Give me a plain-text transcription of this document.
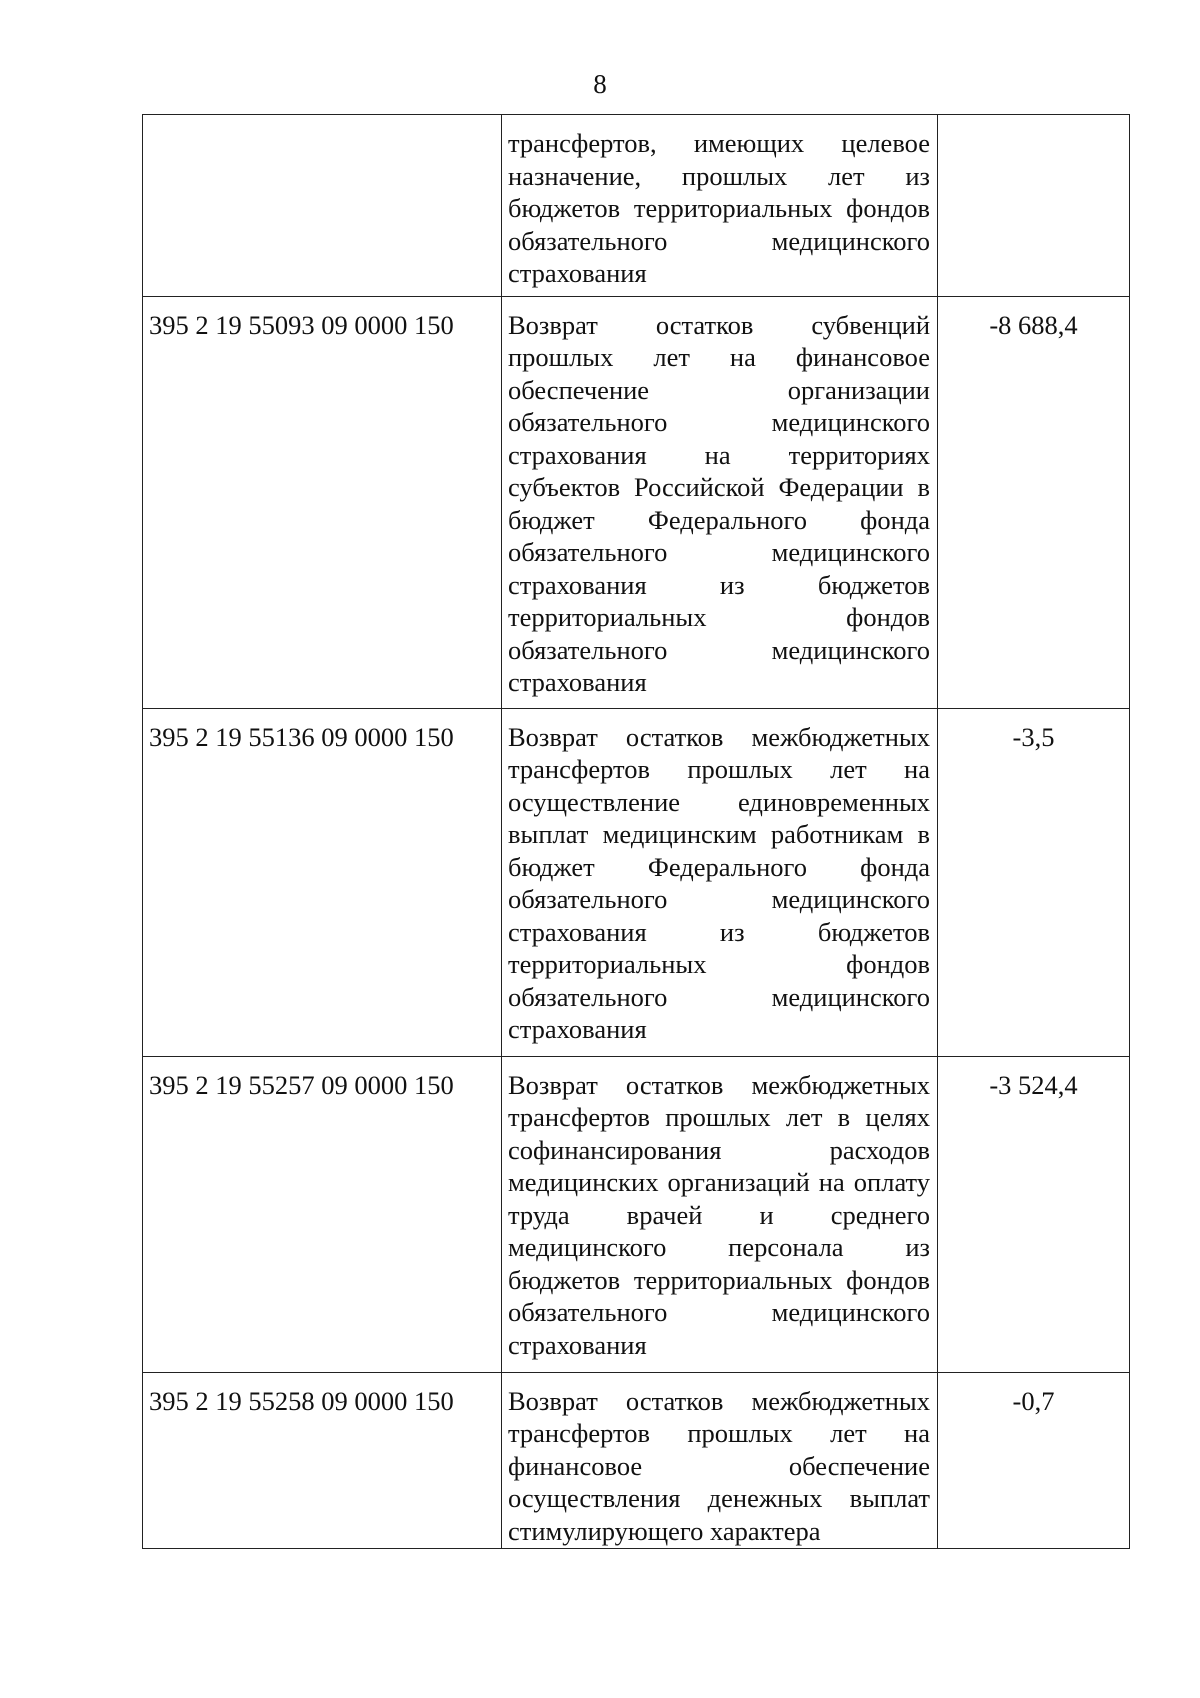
8
	трансфертов, имеющих целевое назначение, прошлых лет из бюджетов территориальных фондов обязательного медицинского страхования	
395 2 19 55093 09 0000 150	Возврат остатков субвенций прошлых лет на финансовое обеспечение организации обязательного медицинского страхования на территориях субъектов Российской Федерации в бюджет Федерального фонда обязательного медицинского страхования из бюджетов территориальных фондов обязательного медицинского страхования	-8 688,4
395 2 19 55136 09 0000 150	Возврат остатков межбюджетных трансфертов прошлых лет на осуществление единовременных выплат медицинским работникам в бюджет Федерального фонда обязательного медицинского страхования из бюджетов территориальных фондов обязательного медицинского страхования	-3,5
395 2 19 55257 09 0000 150	Возврат остатков межбюджетных трансфертов прошлых лет в целях софинансирования расходов медицинских организаций на оплату труда врачей и среднего медицинского персонала из бюджетов территориальных фондов обязательного медицинского страхования	-3 524,4
395 2 19 55258 09 0000 150	Возврат остатков межбюджетных трансфертов прошлых лет на финансовое обеспечение осуществления денежных выплат стимулирующего характера	-0,7
